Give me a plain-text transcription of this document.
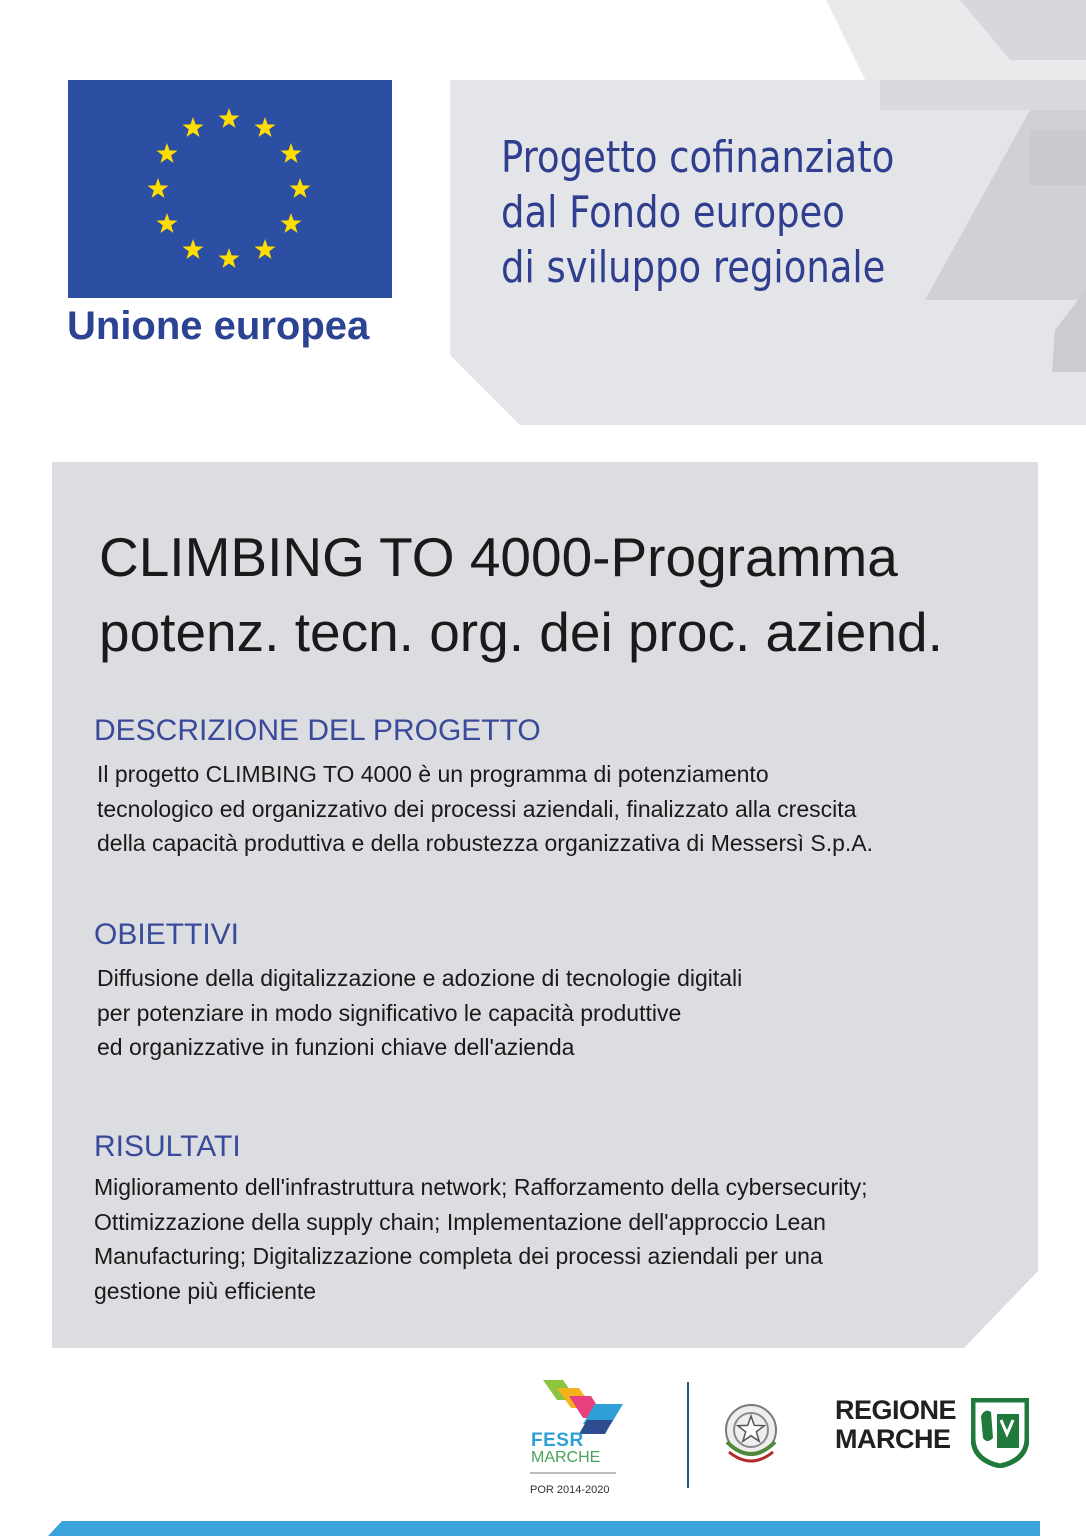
Unione europea
Progetto cofinanziato
dal Fondo europeo
di sviluppo regionale
CLIMBING TO 4000-Programma
potenz. tecn. org. dei proc. aziend.
DESCRIZIONE DEL PROGETTO
Il progetto CLIMBING TO 4000 è un programma di potenziamento
tecnologico ed organizzativo dei processi aziendali, finalizzato alla crescita
della capacità produttiva e della robustezza organizzativa di Messersì S.p.A.
OBIETTIVI
Diffusione della digitalizzazione e adozione di tecnologie digitali
per potenziare in modo significativo le capacità produttive
ed organizzative in funzioni chiave dell'azienda
RISULTATI
Miglioramento dell'infrastruttura network; Rafforzamento della cybersecurity;
Ottimizzazione della supply chain; Implementazione dell'approccio Lean
Manufacturing; Digitalizzazione completa dei processi aziendali per una
gestione più efficiente
FESR
MARCHE
POR 2014-2020
REGIONE
MARCHE
